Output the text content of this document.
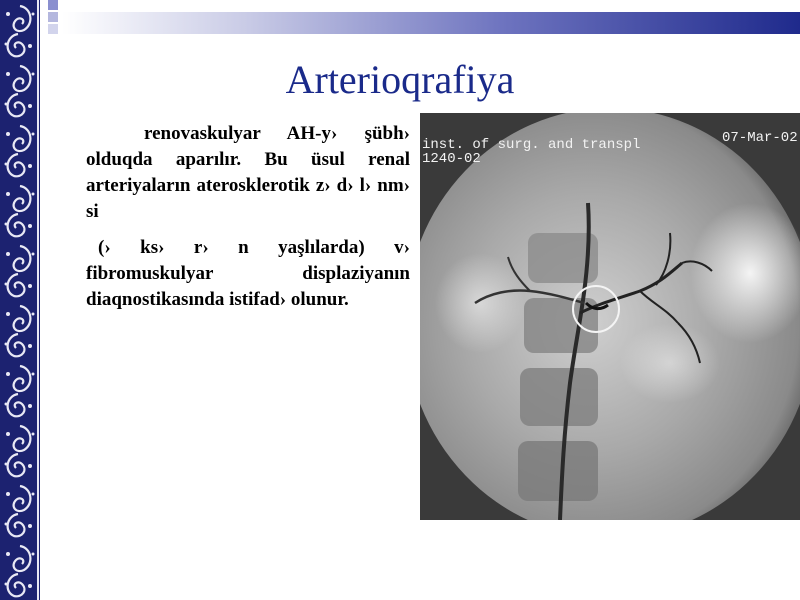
Arterioqrafiya

renovaskulyar AH-y› şübh› olduqda aparılır. Bu üsul renal arteriyaların aterosklerotik z› d› l› nm› si

(› ks› r› n yaşlılarda) v› fibromuskulyar displaziyanın diaqnostikasında istifad› olunur.

inst. of surg. and transpl
1240-02
07-Mar-02
